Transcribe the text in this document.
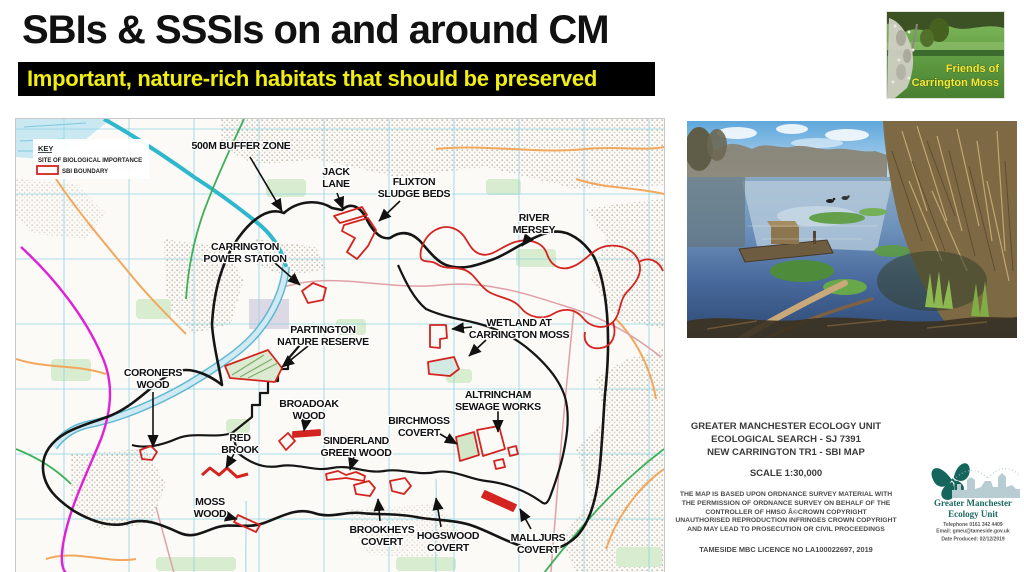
SBIs & SSSIs on and around CM
Important, nature-rich habitats that should be preserved	Friends of
Carrington Moss
500M BUFFER ZONE
JACK LANE	FLIXTON SLUDGE BEDS
RIVER MERSEY
CARRINGTON POWER STATION
PARTINGTON NATURE RESERVE
WETLAND AT CARRINGTON MOSS
CORONERS WOOD
BROADOAK WOOD
RED BROOK
SINDERLAND GREEN WOOD
MOSS WOOD
BIRCHMOSS COVERT
ALTRINCHAM SEWAGE WORKS
BROOKHEYS COVERT	HOGSWOOD COVERT
MALLJURS COVERT
KEY
SITE OF BIOLOGICAL IMPORTANCE
SBI BOUNDARY
GREATER MANCHESTER ECOLOGY UNIT
ECOLOGICAL SEARCH - SJ 7391
NEW CARRINGTON TR1 - SBI MAP
SCALE 1:30,000
THE MAP IS BASED UPON ORDNANCE SURVEY MATERIAL WITH
THE PERMISSION OF ORDNANCE SURVEY ON BEHALF OF THE
CONTROLLER OF HMSO Â©CROWN COPYRIGHT
UNAUTHORISED REPRODUCTION INFRINGES CROWN COPYRIGHT
AND MAY LEAD TO PROSECUTION OR CIVIL PROCEEDINGS
TAMESIDE MBC LICENCE NO LA100022697, 2019
Greater Manchester
Ecology Unit
Telephone 0161 342 4409
Email: gmeu@tameside.gov.uk
Date Produced: 02/12/2019
